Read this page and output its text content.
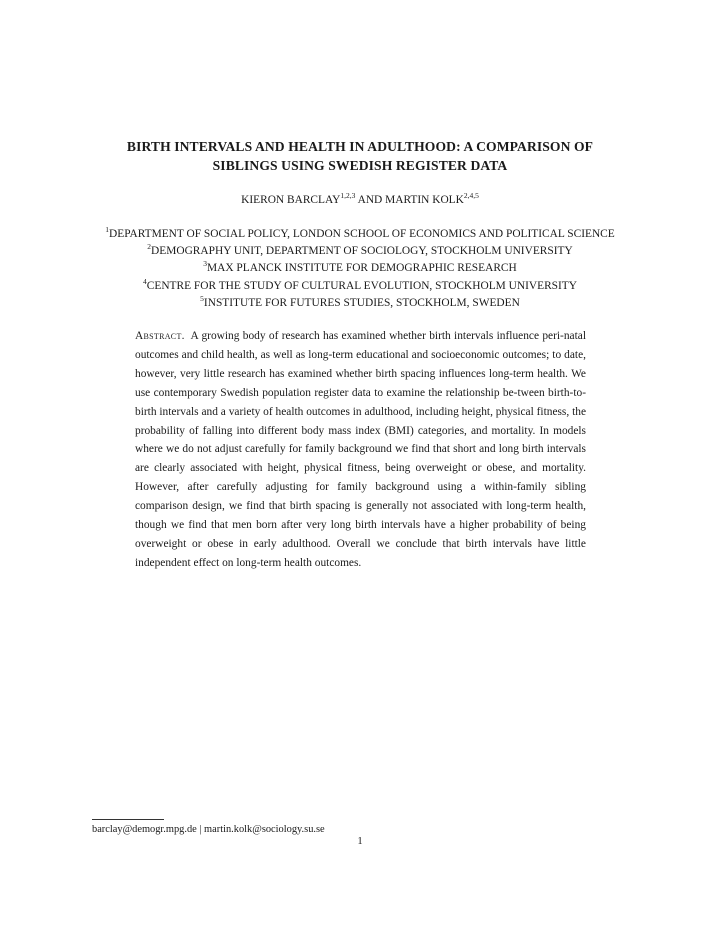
BIRTH INTERVALS AND HEALTH IN ADULTHOOD: A COMPARISON OF
SIBLINGS USING SWEDISH REGISTER DATA
KIERON BARCLAY$^{1,2,3}$ AND MARTIN KOLK$^{2,4,5}$
$^1$DEPARTMENT OF SOCIAL POLICY, LONDON SCHOOL OF ECONOMICS AND POLITICAL SCIENCE
$^2$DEMOGRAPHY UNIT, DEPARTMENT OF SOCIOLOGY, STOCKHOLM UNIVERSITY
$^3$MAX PLANCK INSTITUTE FOR DEMOGRAPHIC RESEARCH
$^4$CENTRE FOR THE STUDY OF CULTURAL EVOLUTION, STOCKHOLM UNIVERSITY
$^5$INSTITUTE FOR FUTURES STUDIES, STOCKHOLM, SWEDEN
Abstract. A growing body of research has examined whether birth intervals influence peri-natal outcomes and child health, as well as long-term educational and socioeconomic outcomes; to date, however, very little research has examined whether birth spacing influences long-term health. We use contemporary Swedish population register data to examine the relationship be-tween birth-to-birth intervals and a variety of health outcomes in adulthood, including height, physical fitness, the probability of falling into different body mass index (BMI) categories, and mortality. In models where we do not adjust carefully for family background we find that short and long birth intervals are clearly associated with height, physical fitness, being overweight or obese, and mortality. However, after carefully adjusting for family background using a within-family sibling comparison design, we find that birth spacing is generally not associated with long-term health, though we find that men born after very long birth intervals have a higher probability of being overweight or obese in early adulthood. Overall we conclude that birth intervals have little independent effect on long-term health outcomes.
barclay@demogr.mpg.de | martin.kolk@sociology.su.se
1
